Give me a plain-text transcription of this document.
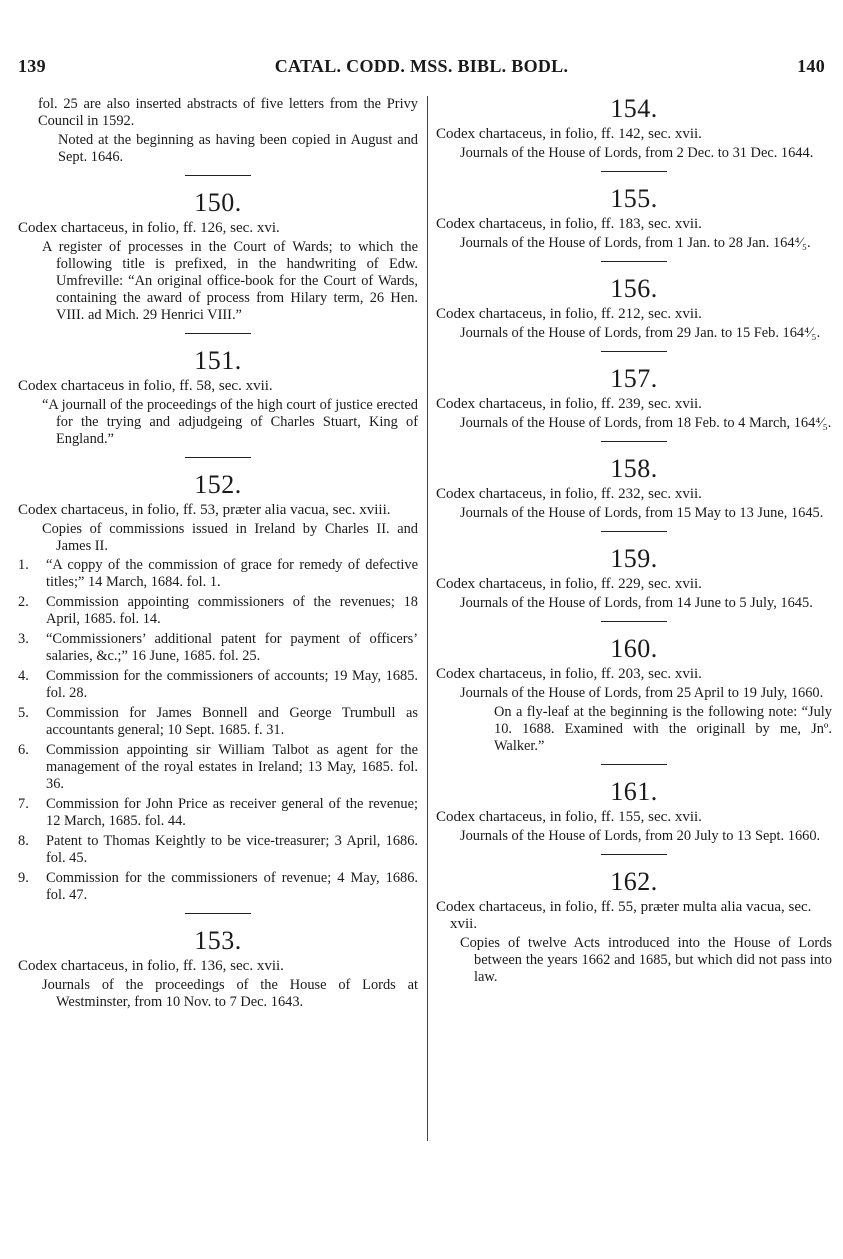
139	CATAL. CODD. MSS. BIBL. BODL.	140
fol. 25 are also inserted abstracts of five letters from the Privy Council in 1592.
Noted at the beginning as having been copied in August and Sept. 1646.
150.
Codex chartaceus, in folio, ff. 126, sec. xvi.
A register of processes in the Court of Wards; to which the following title is prefixed, in the handwriting of Edw. Umfreville: “An original office-book for the Court of Wards, containing the award of process from Hilary term, 26 Hen. VIII. ad Mich. 29 Henrici VIII.”
151.
Codex chartaceus in folio, ff. 58, sec. xvii.
“A journall of the proceedings of the high court of justice erected for the trying and adjudgeing of Charles Stuart, King of England.”
152.
Codex chartaceus, in folio, ff. 53, præter alia vacua, sec. xviii.
Copies of commissions issued in Ireland by Charles II. and James II.
1.	“A coppy of the commission of grace for remedy of defective titles;” 14 March, 1684. fol. 1.
2.	Commission appointing commissioners of the revenues; 18 April, 1685. fol. 14.
3.	“Commissioners’ additional patent for payment of officers’ salaries, &c.;” 16 June, 1685. fol. 25.
4.	Commission for the commissioners of accounts; 19 May, 1685. fol. 28.
5.	Commission for James Bonnell and George Trumbull as accountants general; 10 Sept. 1685. f. 31.
6.	Commission appointing sir William Talbot as agent for the management of the royal estates in Ireland; 13 May, 1685. fol. 36.
7.	Commission for John Price as receiver general of the revenue; 12 March, 1685. fol. 44.
8.	Patent to Thomas Keightly to be vice-treasurer; 3 April, 1686. fol. 45.
9.	Commission for the commissioners of revenue; 4 May, 1686. fol. 47.
153.
Codex chartaceus, in folio, ff. 136, sec. xvii.
Journals of the proceedings of the House of Lords at Westminster, from 10 Nov. to 7 Dec. 1643.
154.
Codex chartaceus, in folio, ff. 142, sec. xvii.
Journals of the House of Lords, from 2 Dec. to 31 Dec. 1644.
155.
Codex chartaceus, in folio, ff. 183, sec. xvii.
Journals of the House of Lords, from 1 Jan. to 28 Jan. 164⁴⁄₅.
156.
Codex chartaceus, in folio, ff. 212, sec. xvii.
Journals of the House of Lords, from 29 Jan. to 15 Feb. 164⁴⁄₅.
157.
Codex chartaceus, in folio, ff. 239, sec. xvii.
Journals of the House of Lords, from 18 Feb. to 4 March, 164⁴⁄₅.
158.
Codex chartaceus, in folio, ff. 232, sec. xvii.
Journals of the House of Lords, from 15 May to 13 June, 1645.
159.
Codex chartaceus, in folio, ff. 229, sec. xvii.
Journals of the House of Lords, from 14 June to 5 July, 1645.
160.
Codex chartaceus, in folio, ff. 203, sec. xvii.
Journals of the House of Lords, from 25 April to 19 July, 1660.
On a fly-leaf at the beginning is the following note: “July 10. 1688. Examined with the originall by me, Jnº. Walker.”
161.
Codex chartaceus, in folio, ff. 155, sec. xvii.
Journals of the House of Lords, from 20 July to 13 Sept. 1660.
162.
Codex chartaceus, in folio, ff. 55, præter multa alia vacua, sec. xvii.
Copies of twelve Acts introduced into the House of Lords between the years 1662 and 1685, but which did not pass into law.
